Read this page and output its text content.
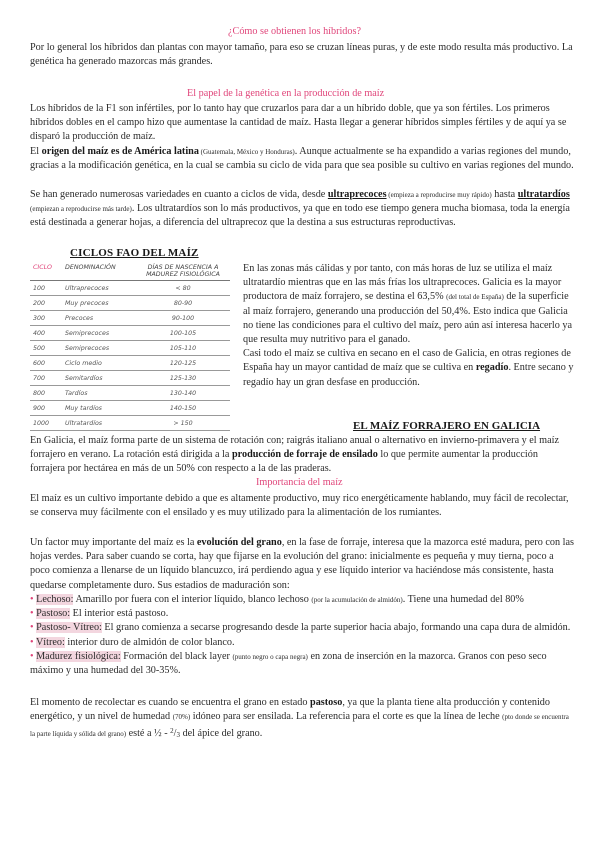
¿Cómo se obtienen los híbridos?

Por lo general los híbridos dan plantas con mayor tamaño, para eso se cruzan líneas puras, y de este modo resulta más productivo. La genética ha generado mazorcas más grandes.

El papel de la genética en la producción de maíz

Los híbridos de la F1 son infértiles, por lo tanto hay que cruzarlos para dar a un híbrido doble, que ya son fértiles. Los primeros híbridos dobles en el campo hizo que aumentase la cantidad de maíz. Hasta llegar a generar híbridos simples fértiles y de aquí ya se disparó la producción de maíz.

El origen del maíz es de América latina (Guatemala, México y Honduras). Aunque actualmente se ha expandido a varias regiones del mundo, gracias a la modificación genética, en la cual se cambia su ciclo de vida para que sea posible su cultivo en varias regiones del mundo.

Se han generado numerosas variedades en cuanto a ciclos de vida, desde ultraprecoces (empieza a reproducirse muy rápido) hasta ultratardíos (empiezan a reproducirse más tarde). Los ultratardíos son lo más productivos, ya que en todo ese tiempo genera mucha biomasa, toda la energía está destinada a generar hojas, a diferencia del ultraprecoz que la destina a sus estructuras reproductivas.

CICLOS FAO DEL MAÍZ

CICLO	DENOMINACIÓN	DÍAS DE NASCENCIA A MADUREZ FISIOLÓGICA
100	Ultraprecoces	< 80
200	Muy precoces	80-90
300	Precoces	90-100
400	Semiprecoces	100-105
500	Semiprecoces	105-110
600	Ciclo medio	120-125
700	Semitardíos	125-130
800	Tardíos	130-140
900	Muy tardíos	140-150
1000	Ultratardíos	> 150

En las zonas más cálidas y por tanto, con más horas de luz se utiliza el maíz ultratardío mientras que en las más frías los ultraprecoces. Galicia es la mayor productora de maíz forrajero, se destina el 63,5% (del total de España) de la superficie al maíz forrajero, generando una producción del 50,4%. Esto indica que Galicia no tiene las condiciones para el cultivo del maíz, pero aún así interesa hacerlo ya que resulta muy nutritivo para el ganado.
Casi todo el maíz se cultiva en secano en el caso de Galicia, en otras regiones de España hay un mayor cantidad de maíz que se cultiva en regadío. Entre secano y regadío hay un gran desfase en producción.

EL MAÍZ FORRAJERO EN GALICIA

En Galicia, el maíz forma parte de un sistema de rotación con; raigrás italiano anual o alternativo en invierno-primavera y el maíz forrajero en verano. La rotación está dirigida a la producción de forraje de ensilado lo que permite aumentar la producción forrajera por hectárea en más de un 50% con respecto a la de las praderas.

Importancia del maíz

El maíz es un cultivo importante debido a que es altamente productivo, muy rico energéticamente hablando, muy fácil de recolectar, se conserva muy fácilmente con el ensilado y es muy utilizado para la alimentación de los rumiantes.

Un factor muy importante del maíz es la evolución del grano, en la fase de forraje, interesa que la mazorca esté madura, pero con las hojas verdes. Para saber cuando se corta, hay que fijarse en la evolución del grano: inicialmente es pequeña y muy tierna, poco a poco comienza a llenarse de un líquido blancuzco, irá perdiendo agua y ese líquido interior va haciéndose más consistente, hasta quedarse completamente duro. Sus estadios de maduración son:

• Lechoso: Amarillo por fuera con el interior líquido, blanco lechoso (por la acumulación de almidón). Tiene una humedad del 80%
• Pastoso: El interior está pastoso.
• Pastoso- Vítreo: El grano comienza a secarse progresando desde la parte superior hacia abajo, formando una capa dura de almidón.
• Vítreo: interior duro de almidón de color blanco.
• Madurez fisiológica: Formación del black layer (punto negro o capa negra) en zona de inserción en la mazorca. Granos con peso seco máximo y una humedad del 30-35%.

El momento de recolectar es cuando se encuentra el grano en estado pastoso, ya que la planta tiene alta producción y contenido energético, y un nivel de humedad (70%) idóneo para ser ensilada. La referencia para el corte es que la línea de leche (pto donde se encuentra la parte líquida y sólida del grano) esté a ½ - $^2$/3 del ápice del grano.
